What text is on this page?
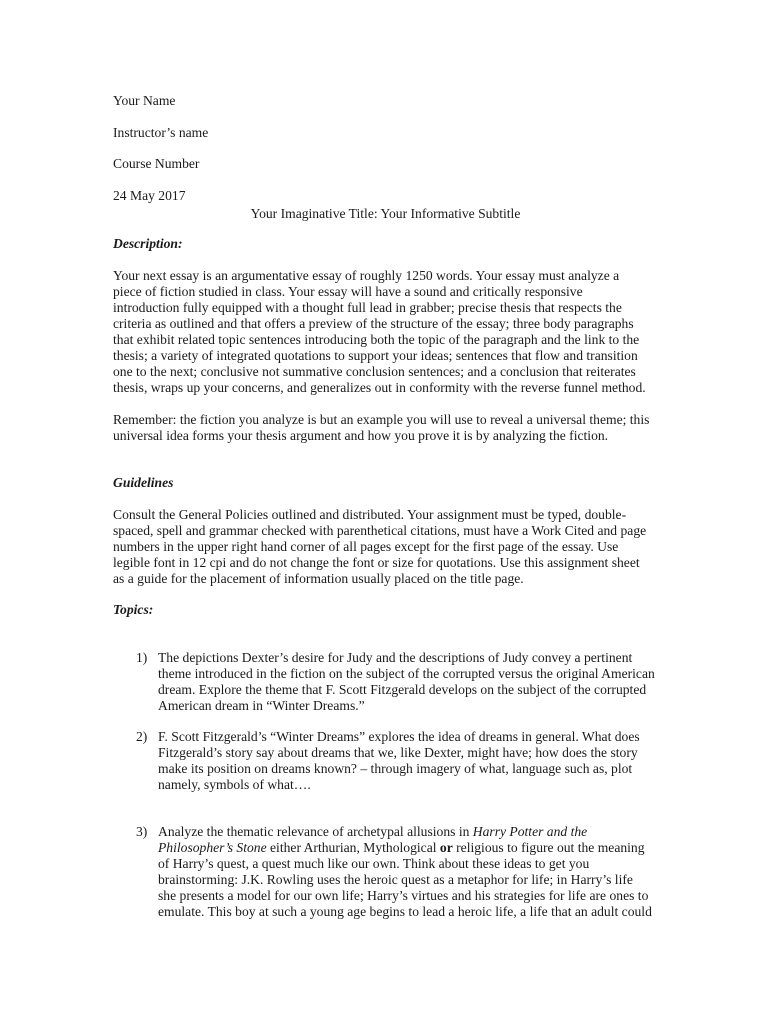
Your Name
Instructor’s name
Course Number
24 May 2017
Your Imaginative Title: Your Informative Subtitle
Description:
Your next essay is an argumentative essay of roughly 1250 words. Your essay must analyze a
piece of fiction studied in class. Your essay will have a sound and critically responsive
introduction fully equipped with a thought full lead in grabber; precise thesis that respects the
criteria as outlined and that offers a preview of the structure of the essay; three body paragraphs
that exhibit related topic sentences introducing both the topic of the paragraph and the link to the
thesis; a variety of integrated quotations to support your ideas; sentences that flow and transition
one to the next; conclusive not summative conclusion sentences; and a conclusion that reiterates
thesis, wraps up your concerns, and generalizes out in conformity with the reverse funnel method.
Remember: the fiction you analyze is but an example you will use to reveal a universal theme; this
universal idea forms your thesis argument and how you prove it is by analyzing the fiction.
Guidelines
Consult the General Policies outlined and distributed. Your assignment must be typed, double-
spaced, spell and grammar checked with parenthetical citations, must have a Work Cited and page
numbers in the upper right hand corner of all pages except for the first page of the essay. Use
legible font in 12 cpi and do not change the font or size for quotations. Use this assignment sheet
as a guide for the placement of information usually placed on the title page.
Topics:
1) The depictions Dexter’s desire for Judy and the descriptions of Judy convey a pertinent
theme introduced in the fiction on the subject of the corrupted versus the original American
dream. Explore the theme that F. Scott Fitzgerald develops on the subject of the corrupted
American dream in “Winter Dreams.”
2) F. Scott Fitzgerald’s “Winter Dreams” explores the idea of dreams in general. What does
Fitzgerald’s story say about dreams that we, like Dexter, might have; how does the story
make its position on dreams known? – through imagery of what, language such as, plot
namely, symbols of what….
3) Analyze the thematic relevance of archetypal allusions in Harry Potter and the
Philosopher’s Stone either Arthurian, Mythological or religious to figure out the meaning
of Harry’s quest, a quest much like our own. Think about these ideas to get you
brainstorming: J.K. Rowling uses the heroic quest as a metaphor for life; in Harry’s life
she presents a model for our own life; Harry’s virtues and his strategies for life are ones to
emulate. This boy at such a young age begins to lead a heroic life, a life that an adult could
